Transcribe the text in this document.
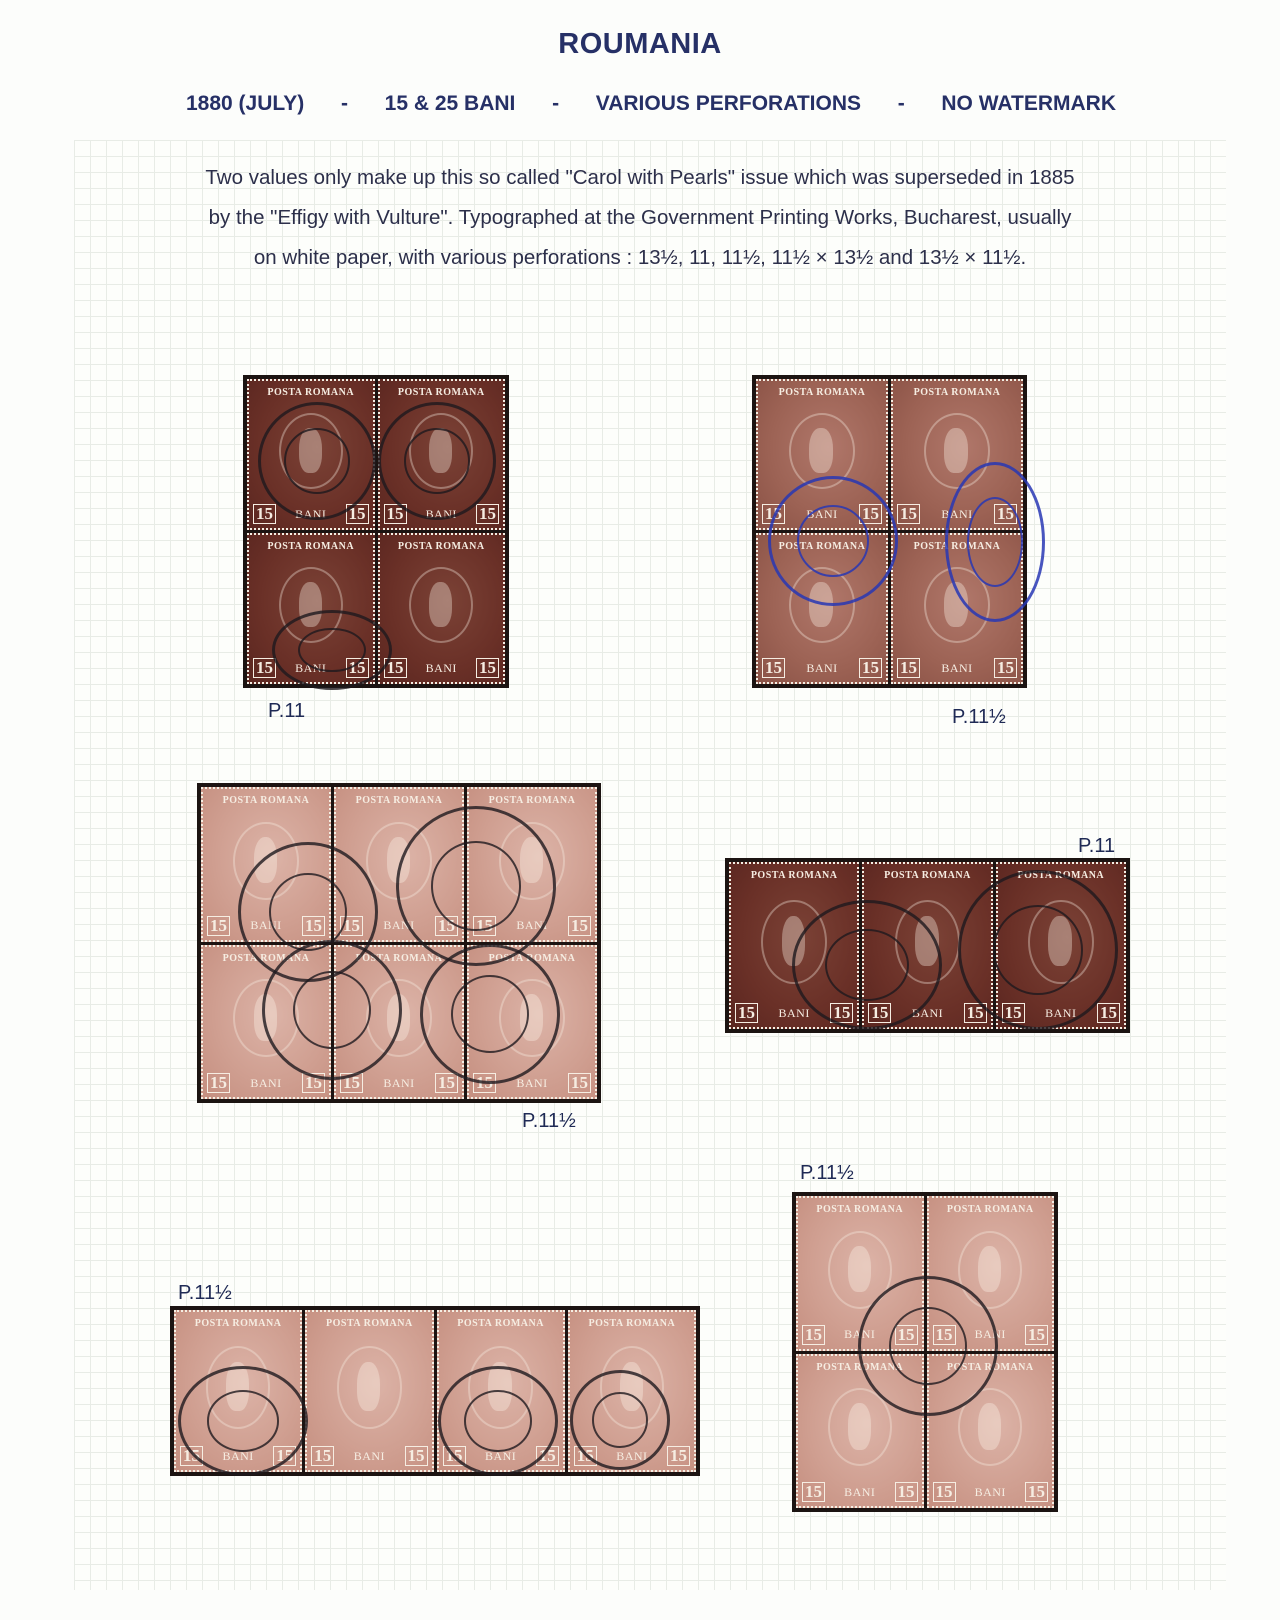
ROUMANIA
1880 (JULY) - 15 & 25 BANI - VARIOUS PERFORATIONS - NO WATERMARK

Two values only make up this so called "Carol with Pearls" issue which was superseded in 1885

by the "Effigy with Vulture". Typographed at the Government Printing Works, Bucharest, usually

on white paper, with various perforations : 13½, 11, 11½, 11½ × 13½ and 13½ × 11½.

POSTA ROMANA
15 BANI 15
POSTA ROMANA
15 BANI 15
POSTA ROMANA
15 BANI 15
POSTA ROMANA
15 BANI 15
P.11
POSTA ROMANA
15 BANI 15
POSTA ROMANA
15 BANI 15
POSTA ROMANA
15 BANI 15
POSTA ROMANA
15 BANI 15
P.11½
POSTA ROMANA
15 BANI 15
POSTA ROMANA
15 BANI 15
POSTA ROMANA
15 BANI 15
POSTA ROMANA
15 BANI 15
POSTA ROMANA
15 BANI 15
POSTA ROMANA
15 BANI 15
P.11½
P.11
POSTA ROMANA
15 BANI 15
POSTA ROMANA
15 BANI 15
POSTA ROMANA
15 BANI 15
P.11½
POSTA ROMANA
15 BANI 15
POSTA ROMANA
15 BANI 15
POSTA ROMANA
15 BANI 15
POSTA ROMANA
15 BANI 15
P.11½
POSTA ROMANA
15 BANI 15
POSTA ROMANA
15 BANI 15
POSTA ROMANA
15 BANI 15
POSTA ROMANA
15 BANI 15
